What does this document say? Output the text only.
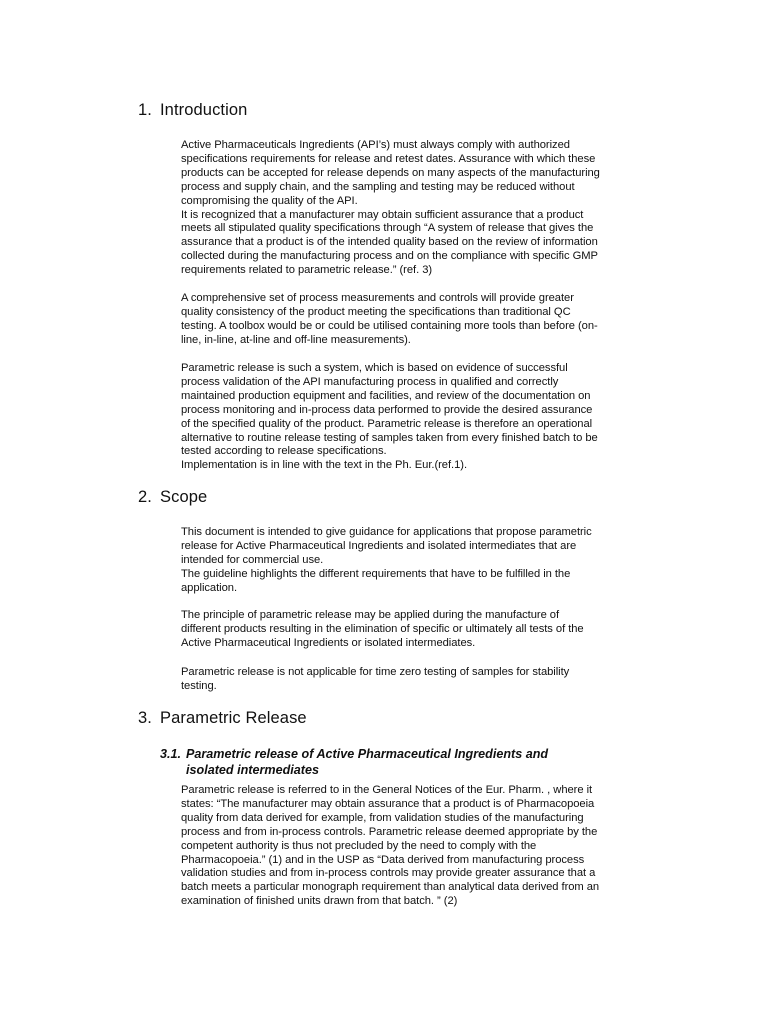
1. Introduction
Active Pharmaceuticals Ingredients (API’s) must always comply with authorized
specifications requirements for release and retest dates. Assurance with which these
products can be accepted for release depends on many aspects of the manufacturing
process and supply chain, and the sampling and testing may be reduced without
compromising the quality of the API.
It is recognized that a manufacturer may obtain sufficient assurance that a product
meets all stipulated quality specifications through “A system of release that gives the
assurance that a product is of the intended quality based on the review of information
collected during the manufacturing process and on the compliance with specific GMP
requirements related to parametric release.” (ref. 3)
A comprehensive set of process measurements and controls will provide greater
quality consistency of the product meeting the specifications than traditional QC
testing. A toolbox would be or could be utilised containing more tools than before (on-
line, in-line, at-line and off-line measurements).
Parametric release is such a system, which is based on evidence of successful
process validation of the API manufacturing process in qualified and correctly
maintained production equipment and facilities, and review of the documentation on
process monitoring and in-process data performed to provide the desired assurance
of the specified quality of the product. Parametric release is therefore an operational
alternative to routine release testing of samples taken from every finished batch to be
tested according to release specifications.
Implementation is in line with the text in the Ph. Eur.(ref.1).
2. Scope
This document is intended to give guidance for applications that propose parametric
release for Active Pharmaceutical Ingredients and isolated intermediates that are
intended for commercial use.
The guideline highlights the different requirements that have to be fulfilled in the
application.
The principle of parametric release may be applied during the manufacture of
different products resulting in the elimination of specific or ultimately all tests of the
Active Pharmaceutical Ingredients or isolated intermediates.
Parametric release is not applicable for time zero testing of samples for stability
testing.
3. Parametric Release
3.1. Parametric release of Active Pharmaceutical Ingredients and
isolated intermediates
Parametric release is referred to in the General Notices of the Eur. Pharm. , where it
states: “The manufacturer may obtain assurance that a product is of Pharmacopoeia
quality from data derived for example, from validation studies of the manufacturing
process and from in-process controls. Parametric release deemed appropriate by the
competent authority is thus not precluded by the need to comply with the
Pharmacopoeia.” (1) and in the USP as “Data derived from manufacturing process
validation studies and from in-process controls may provide greater assurance that a
batch meets a particular monograph requirement than analytical data derived from an
examination of finished units drawn from that batch. ” (2)
